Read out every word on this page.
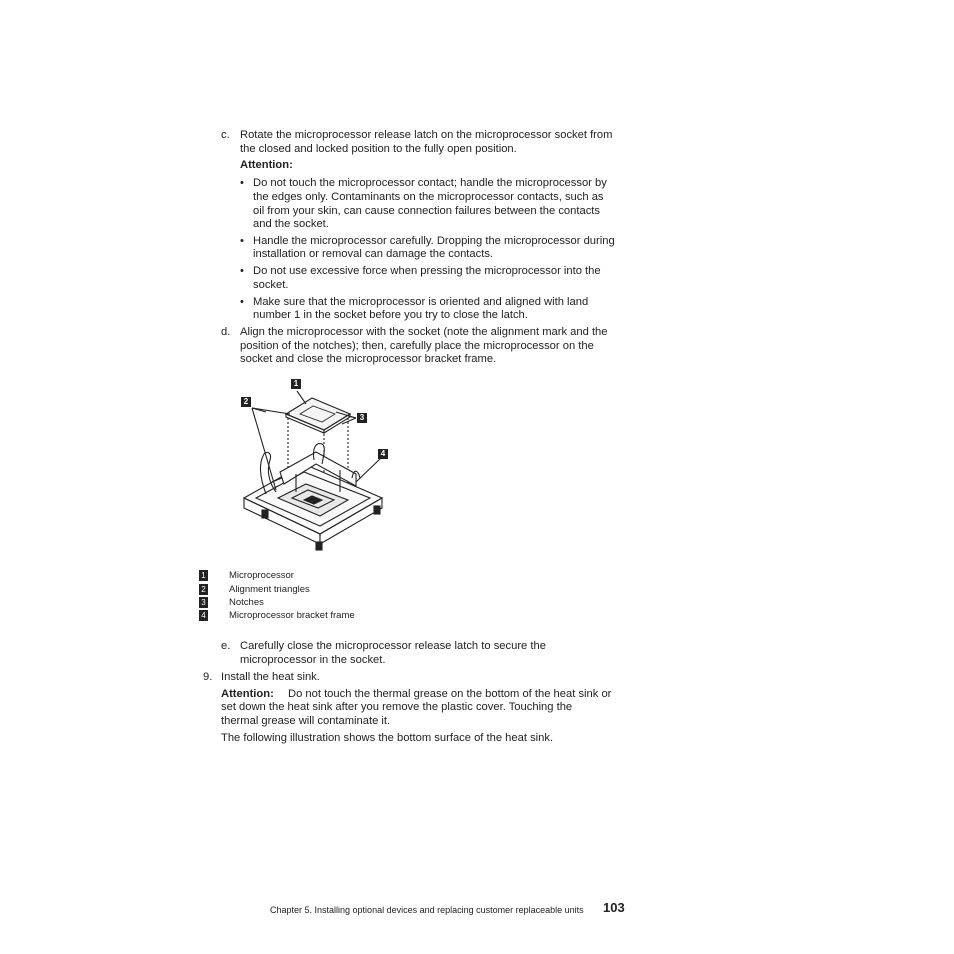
c. Rotate the microprocessor release latch on the microprocessor socket from
the closed and locked position to the fully open position.
Attention:
• Do not touch the microprocessor contact; handle the microprocessor by
the edges only. Contaminants on the microprocessor contacts, such as
oil from your skin, can cause connection failures between the contacts
and the socket.
• Handle the microprocessor carefully. Dropping the microprocessor during
installation or removal can damage the contacts.
• Do not use excessive force when pressing the microprocessor into the
socket.
• Make sure that the microprocessor is oriented and aligned with land
number 1 in the socket before you try to close the latch.
d. Align the microprocessor with the socket (note the alignment mark and the
position of the notches); then, carefully place the microprocessor on the
socket and close the microprocessor bracket frame.
1
2
3
4
1 Microprocessor
2 Alignment triangles
3 Notches
4 Microprocessor bracket frame
e. Carefully close the microprocessor release latch to secure the
microprocessor in the socket.
9. Install the heat sink.
Attention: Do not touch the thermal grease on the bottom of the heat sink or
set down the heat sink after you remove the plastic cover. Touching the
thermal grease will contaminate it.
The following illustration shows the bottom surface of the heat sink.
Chapter 5. Installing optional devices and replacing customer replaceable units 103
